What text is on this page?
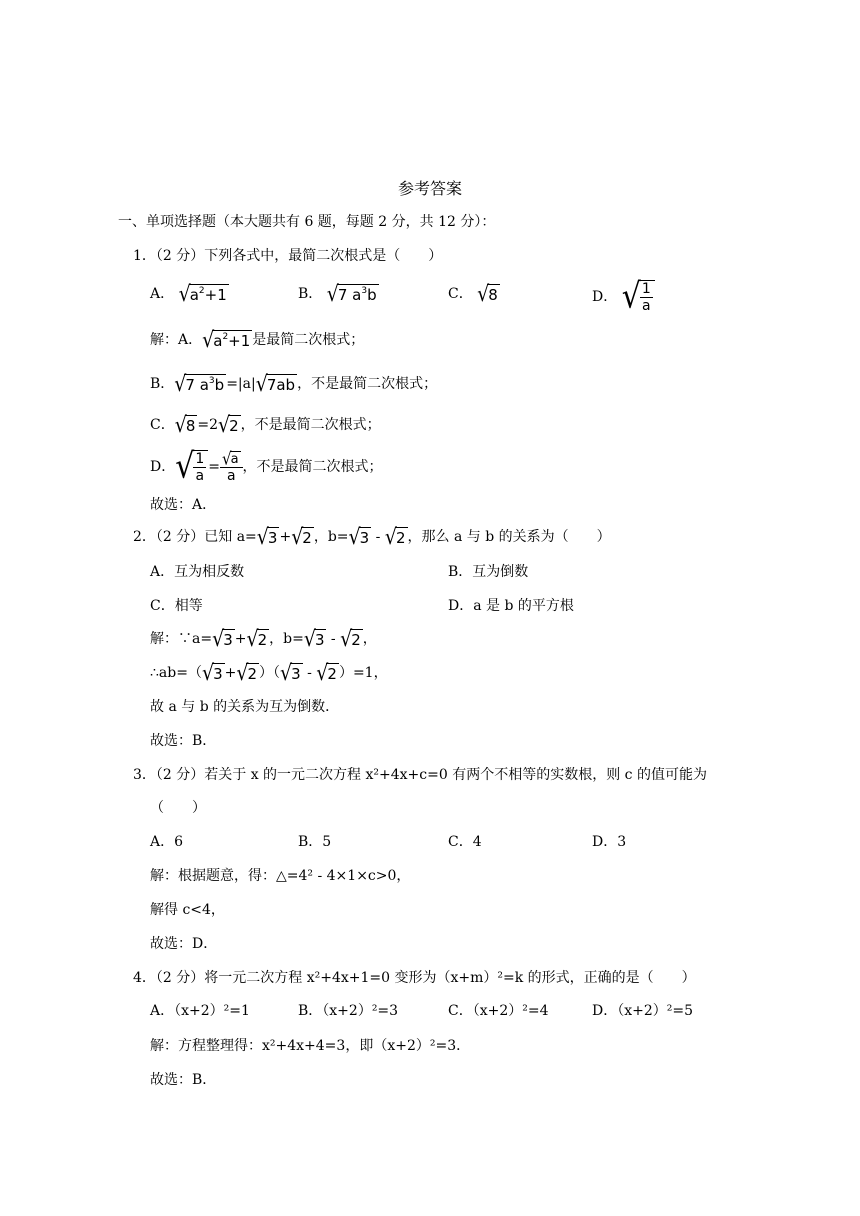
参考答案
一、单项选择题（本大题共有 6 题，每题 2 分，共 12 分）：
1．（2 分）下列各式中，最简二次根式是（　　）
A． $√a^2+1$	B． √7 $a^3b$	C． √8	D． √ $\frac{1}{a}$
解：A．$√a^2+1$ 是最简二次根式；
B．√7 $a^3b =|a|√7ab$ ，不是最简二次根式；
C．√8 =2√2 ，不是最简二次根式；
D．√ $\frac{1}{a} = \frac{√a}{a}$ ，不是最简二次根式；
故选：A．
2．（2 分）已知 a=√3 +√2 ，b=√3 - √2 ，那么 a 与 b 的关系为（　　）
A．互为相反数	B．互为倒数
C．相等	D．a 是 b 的平方根
解：∵a=√3 +√2 ，b=√3 - √2 ，
∴ab=（√3 +√2 ）（√3 - √2 ）=1，
故 a 与 b 的关系为互为倒数．
故选：B．
3．（2 分）若关于 x 的一元二次方程 x²+4x+c=0 有两个不相等的实数根，则 c 的值可能为
（　　）
A．6	B．5	C．4	D．3
解：根据题意，得：△=4² - 4×1×c>0，
解得 c<4，
故选：D．
4．（2 分）将一元二次方程 x²+4x+1=0 变形为（x+m）²=k 的形式，正确的是（　　）
A．（x+2）²=1	B．（x+2）²=3	C．（x+2）²=4	D．（x+2）²=5
解：方程整理得：x²+4x+4=3，即（x+2）²=3．
故选：B．
